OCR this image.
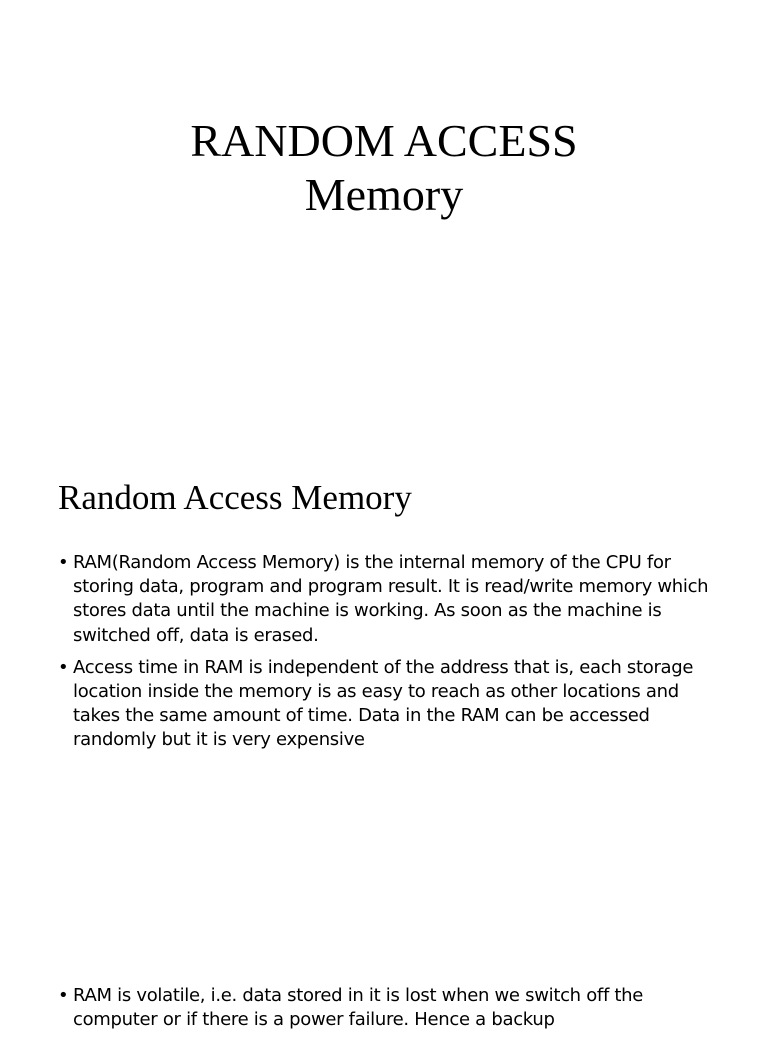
RANDOM ACCESS
Memory
Random Access Memory
• RAM(Random Access Memory) is the internal memory of the CPU for storing data, program and program result. It is read/write memory which stores data until the machine is working. As soon as the machine is switched off, data is erased.
• Access time in RAM is independent of the address that is, each storage location inside the memory is as easy to reach as other locations and takes the same amount of time. Data in the RAM can be accessed randomly but it is very expensive
• RAM is volatile, i.e. data stored in it is lost when we switch off the computer or if there is a power failure. Hence a backup
